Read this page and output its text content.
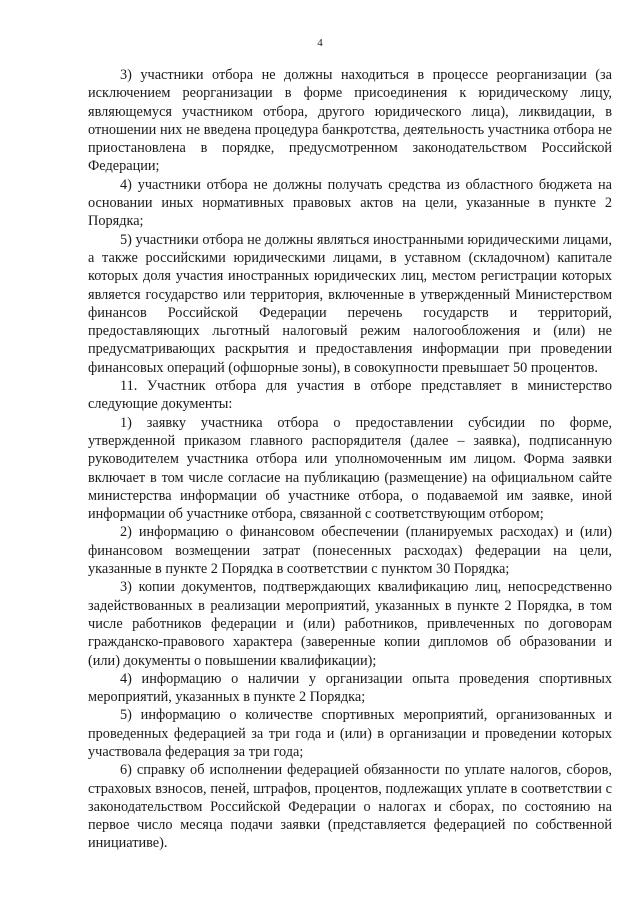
4

3) участники отбора не должны находиться в процессе реорганизации (за исключением реорганизации в форме присоединения к юридическому лицу, являющемуся участником отбора, другого юридического лица), ликвидации, в отношении них не введена процедура банкротства, деятельность участника отбора не приостановлена в порядке, предусмотренном законодательством Российской Федерации;

4) участники отбора не должны получать средства из областного бюджета на основании иных нормативных правовых актов на цели, указанные в пункте 2 Порядка;

5) участники отбора не должны являться иностранными юридическими лицами, а также российскими юридическими лицами, в уставном (складочном) капитале которых доля участия иностранных юридических лиц, местом регистрации которых является государство или территория, включенные в утвержденный Министерством финансов Российской Федерации перечень государств и территорий, предоставляющих льготный налоговый режим налогообложения и (или) не предусматривающих раскрытия и предоставления информации при проведении финансовых операций (офшорные зоны), в совокупности превышает 50 процентов.

11. Участник отбора для участия в отборе представляет в министерство следующие документы:

1) заявку участника отбора о предоставлении субсидии по форме, утвержденной приказом главного распорядителя (далее – заявка), подписанную руководителем участника отбора или уполномоченным им лицом. Форма заявки включает в том числе согласие на публикацию (размещение) на официальном сайте министерства информации об участнике отбора, о подаваемой им заявке, иной информации об участнике отбора, связанной с соответствующим отбором;

2) информацию о финансовом обеспечении (планируемых расходах) и (или) финансовом возмещении затрат (понесенных расходах) федерации на цели, указанные в пункте 2 Порядка в соответствии с пунктом 30 Порядка;

3) копии документов, подтверждающих квалификацию лиц, непосредственно задействованных в реализации мероприятий, указанных в пункте 2 Порядка, в том числе работников федерации и (или) работников, привлеченных по договорам гражданско-правового характера (заверенные копии дипломов об образовании и (или) документы о повышении квалификации);

4) информацию о наличии у организации опыта проведения спортивных мероприятий, указанных в пункте 2 Порядка;

5) информацию о количестве спортивных мероприятий, организованных и проведенных федерацией за три года и (или) в организации и проведении которых участвовала федерация за три года;

6) справку об исполнении федерацией обязанности по уплате налогов, сборов, страховых взносов, пеней, штрафов, процентов, подлежащих уплате в соответствии с законодательством Российской Федерации о налогах и сборах, по состоянию на первое число месяца подачи заявки (представляется федерацией по собственной инициативе).
